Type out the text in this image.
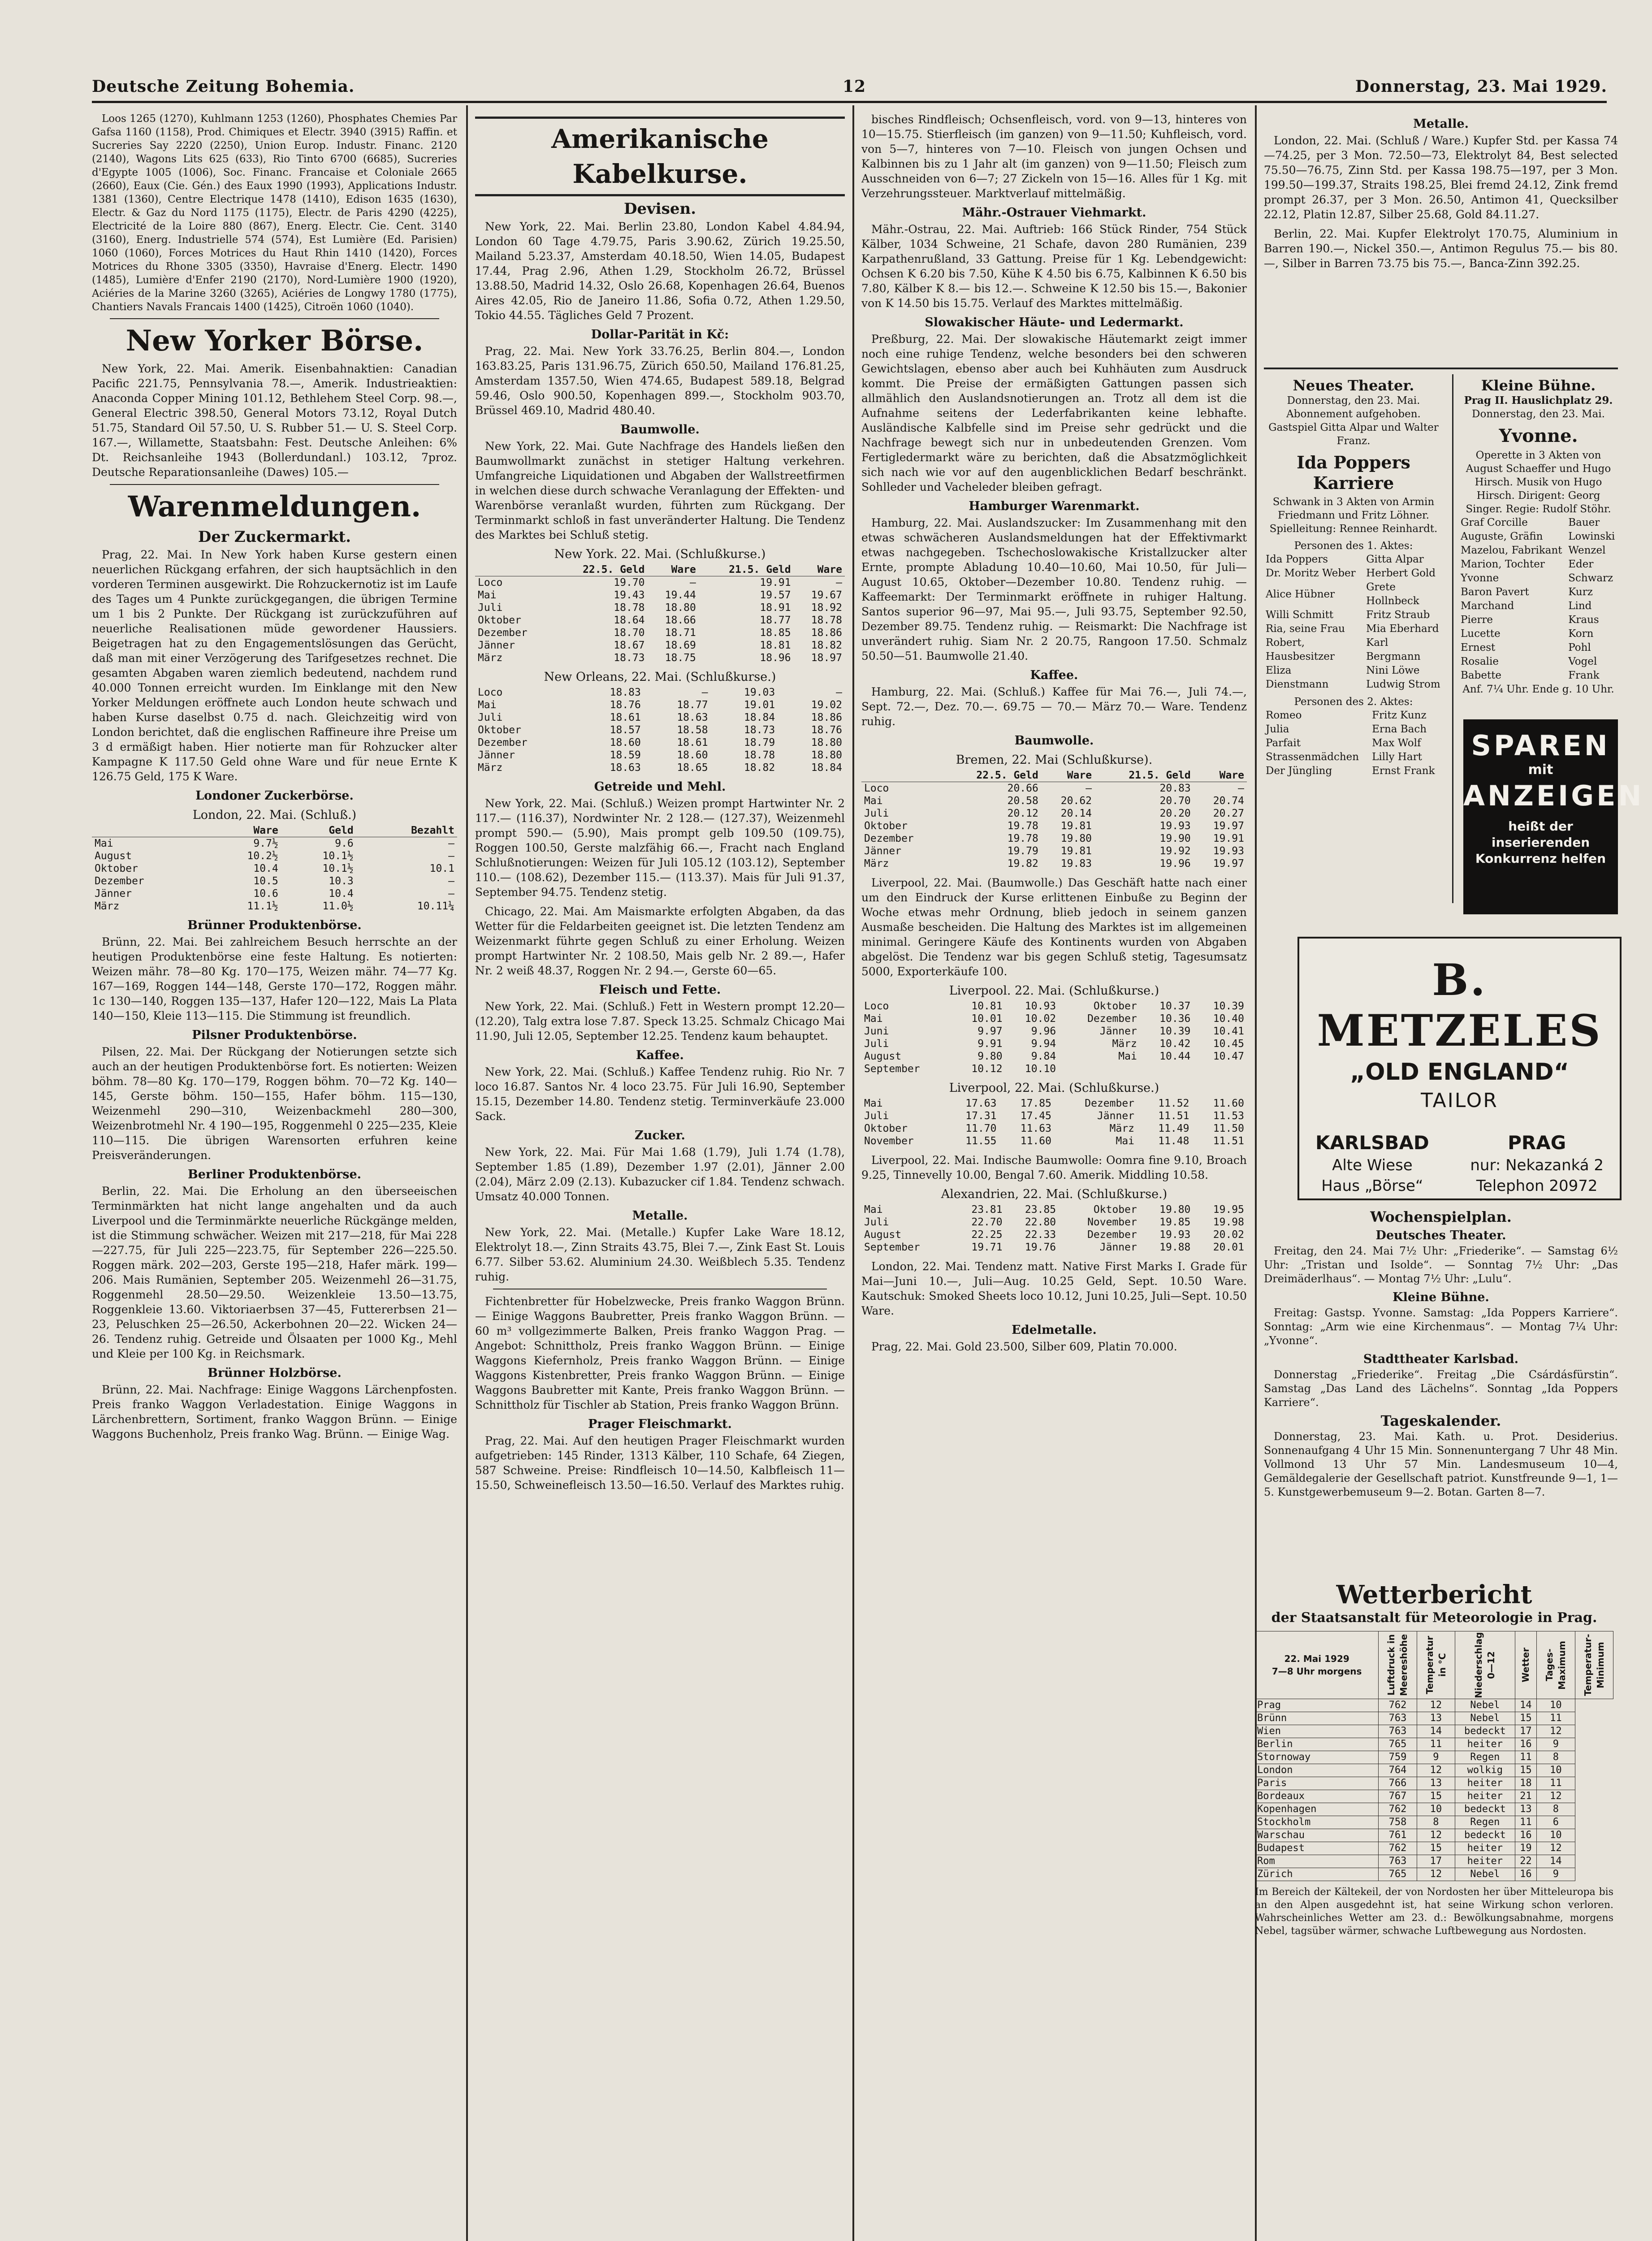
Deutsche Zeitung Bohemia.	12	Donnerstag, 23. Mai 1929.

Loos 1265 (1270), Kuhlmann 1253 (1260), Phosphates Chemies Par Gafsa 1160 (1158), Prod. Chimiques et Electr. 3940 (3915) Raffin. et Sucreries Say 2220 (2250), Union Europ. Industr. Financ. 2120 (2140), Wagons Lits 625 (633), Rio Tinto 6700 (6685), Sucreries d'Egypte 1005 (1006), Soc. Financ. Francaise et Coloniale 2665 (2660), Eaux (Cie. Gén.) des Eaux 1990 (1993), Applications Industr. 1381 (1360), Centre Electrique 1478 (1410), Edison 1635 (1630), Electr. & Gaz du Nord 1175 (1175), Electr. de Paris 4290 (4225), Electricité de la Loire 880 (867), Energ. Electr. Cie. Cent. 3140 (3160), Energ. Industrielle 574 (574), Est Lumière (Ed. Parisien) 1060 (1060), Forces Motrices du Haut Rhin 1410 (1420), Forces Motrices du Rhone 3305 (3350), Havraise d'Energ. Electr. 1490 (1485), Lumière d'Enfer 2190 (2170), Nord-Lumière 1900 (1920), Aciéries de la Marine 3260 (3265), Aciéries de Longwy 1780 (1775), Chantiers Navals Francais 1400 (1425), Citroën 1060 (1040).

New Yorker Börse.

New York, 22. Mai. Amerik. Eisenbahnaktien: Canadian Pacific 221.75, Pennsylvania 78.—, Amerik. Industrieaktien: Anaconda Copper Mining 101.12, Bethlehem Steel Corp. 98.—, General Electric 398.50, General Motors 73.12, Royal Dutch 51.75, Standard Oil 57.50, U. S. Rubber 51.— U. S. Steel Corp. 167.—, Willamette, Staatsbahn: Fest. Deutsche Anleihen: 6% Dt. Reichsanleihe 1943 (Bollerdundanl.) 103.12, 7proz. Deutsche Reparationsanleihe (Dawes) 105.—

Warenmeldungen.
Der Zuckermarkt.

Prag, 22. Mai. In New York haben Kurse gestern einen neuerlichen Rückgang erfahren, der sich hauptsächlich in den vorderen Terminen ausgewirkt. Die Rohzuckernotiz ist im Laufe des Tages um 4 Punkte zurückgegangen, die übrigen Termine um 1 bis 2 Punkte. Der Rückgang ist zurückzuführen auf neuerliche Realisationen müde gewordener Haussiers. Beigetragen hat zu den Engagementslösungen das Gerücht, daß man mit einer Verzögerung des Tarifgesetzes rechnet. Die gesamten Abgaben waren ziemlich bedeutend, nachdem rund 40.000 Tonnen erreicht wurden. Im Einklange mit den New Yorker Meldungen eröffnete auch London heute schwach und haben Kurse daselbst 0.75 d. nach. Gleichzeitig wird von London berichtet, daß die englischen Raffineure ihre Preise um 3 d ermäßigt haben. Hier notierte man für Rohzucker alter Kampagne K 117.50 Geld ohne Ware und für neue Ernte K 126.75 Geld, 175 K Ware.

Londoner Zuckerbörse.
London, 22. Mai. (Schluß.)
	Ware	Geld	Bezahlt
Mai	9.7½	9.6	—
August	10.2½	10.1½	—
Oktober	10.4	10.1½	10.1
Dezember	10.5	10.3	—
Jänner	10.6	10.4	—
März	11.1½	11.0½	10.11¼
Brünner Produktenbörse.

Brünn, 22. Mai. Bei zahlreichem Besuch herrschte an der heutigen Produktenbörse eine feste Haltung. Es notierten: Weizen mähr. 78—80 Kg. 170—175, Weizen mähr. 74—77 Kg. 167—169, Roggen 144—148, Gerste 170—172, Roggen mähr. 1c 130—140, Roggen 135—137, Hafer 120—122, Mais La Plata 140—150, Kleie 113—115. Die Stimmung ist freundlich.

Pilsner Produktenbörse.

Pilsen, 22. Mai. Der Rückgang der Notierungen setzte sich auch an der heutigen Produktenbörse fort. Es notierten: Weizen böhm. 78—80 Kg. 170—179, Roggen böhm. 70—72 Kg. 140—145, Gerste böhm. 150—155, Hafer böhm. 115—130, Weizenmehl 290—310, Weizenbackmehl 280—300, Weizenbrotmehl Nr. 4 190—195, Roggenmehl 0 225—235, Kleie 110—115. Die übrigen Warensorten erfuhren keine Preisveränderungen.

Berliner Produktenbörse.

Berlin, 22. Mai. Die Erholung an den überseeischen Terminmärkten hat nicht lange angehalten und da auch Liverpool und die Terminmärkte neuerliche Rückgänge melden, ist die Stimmung schwächer. Weizen mit 217—218, für Mai 228—227.75, für Juli 225—223.75, für September 226—225.50. Roggen märk. 202—203, Gerste 195—218, Hafer märk. 199—206. Mais Rumänien, September 205. Weizenmehl 26—31.75, Roggenmehl 28.50—29.50. Weizenkleie 13.50—13.75, Roggenkleie 13.60. Viktoriaerbsen 37—45, Futtererbsen 21—23, Peluschken 25—26.50, Ackerbohnen 20—22. Wicken 24—26. Tendenz ruhig. Getreide und Ölsaaten per 1000 Kg., Mehl und Kleie per 100 Kg. in Reichsmark.

Brünner Holzbörse.

Brünn, 22. Mai. Nachfrage: Einige Waggons Lärchenpfosten. Preis franko Waggon Verladestation. Einige Waggons in Lärchenbrettern, Sortiment, franko Waggon Brünn. — Einige Waggons Buchenholz, Preis franko Wag. Brünn. — Einige Wag.

Amerikanische Kabelkurse.
Devisen.

New York, 22. Mai. Berlin 23.80, London Kabel 4.84.94, London 60 Tage 4.79.75, Paris 3.90.62, Zürich 19.25.50, Mailand 5.23.37, Amsterdam 40.18.50, Wien 14.05, Budapest 17.44, Prag 2.96, Athen 1.29, Stockholm 26.72, Brüssel 13.88.50, Madrid 14.32, Oslo 26.68, Kopenhagen 26.64, Buenos Aires 42.05, Rio de Janeiro 11.86, Sofia 0.72, Athen 1.29.50, Tokio 44.55. Tägliches Geld 7 Prozent.

Dollar-Parität in Kč:

Prag, 22. Mai. New York 33.76.25, Berlin 804.—, London 163.83.25, Paris 131.96.75, Zürich 650.50, Mailand 176.81.25, Amsterdam 1357.50, Wien 474.65, Budapest 589.18, Belgrad 59.46, Oslo 900.50, Kopenhagen 899.—, Stockholm 903.70, Brüssel 469.10, Madrid 480.40.

Baumwolle.

New York, 22. Mai. Gute Nachfrage des Handels ließen den Baumwollmarkt zunächst in stetiger Haltung verkehren. Umfangreiche Liquidationen und Abgaben der Wallstreetfirmen in welchen diese durch schwache Veranlagung der Effekten- und Warenbörse veranlaßt wurden, führten zum Rückgang. Der Terminmarkt schloß in fast unveränderter Haltung. Die Tendenz des Marktes bei Schluß stetig.

New York. 22. Mai. (Schlußkurse.)
	22.5. Geld	Ware	21.5. Geld	Ware
Loco	19.70	—	19.91	—
Mai	19.43	19.44	19.57	19.67
Juli	18.78	18.80	18.91	18.92
Oktober	18.64	18.66	18.77	18.78
Dezember	18.70	18.71	18.85	18.86
Jänner	18.67	18.69	18.81	18.82
März	18.73	18.75	18.96	18.97
New Orleans, 22. Mai. (Schlußkurse.)
Loco	18.83	—	19.03	—
Mai	18.76	18.77	19.01	19.02
Juli	18.61	18.63	18.84	18.86
Oktober	18.57	18.58	18.73	18.76
Dezember	18.60	18.61	18.79	18.80
Jänner	18.59	18.60	18.78	18.80
März	18.63	18.65	18.82	18.84
Getreide und Mehl.

New York, 22. Mai. (Schluß.) Weizen prompt Hartwinter Nr. 2 117.— (116.37), Nordwinter Nr. 2 128.— (127.37), Weizenmehl prompt 590.— (5.90), Mais prompt gelb 109.50 (109.75), Roggen 100.50, Gerste malzfähig 66.—, Fracht nach England Schlußnotierungen: Weizen für Juli 105.12 (103.12), September 110.— (108.62), Dezember 115.— (113.37). Mais für Juli 91.37, September 94.75. Tendenz stetig.

Chicago, 22. Mai. Am Maismarkte erfolgten Abgaben, da das Wetter für die Feldarbeiten geeignet ist. Die letzten Tendenz am Weizenmarkt führte gegen Schluß zu einer Erholung. Weizen prompt Hartwinter Nr. 2 108.50, Mais gelb Nr. 2 89.—, Hafer Nr. 2 weiß 48.37, Roggen Nr. 2 94.—, Gerste 60—65.

Fleisch und Fette.

New York, 22. Mai. (Schluß.) Fett in Western prompt 12.20— (12.20), Talg extra lose 7.87. Speck 13.25. Schmalz Chicago Mai 11.90, Juli 12.05, September 12.25. Tendenz kaum behauptet.

Kaffee.

New York, 22. Mai. (Schluß.) Kaffee Tendenz ruhig. Rio Nr. 7 loco 16.87. Santos Nr. 4 loco 23.75. Für Juli 16.90, September 15.15, Dezember 14.80. Tendenz stetig. Terminverkäufe 23.000 Sack.

Zucker.

New York, 22. Mai. Für Mai 1.68 (1.79), Juli 1.74 (1.78), September 1.85 (1.89), Dezember 1.97 (2.01), Jänner 2.00 (2.04), März 2.09 (2.13). Kubazucker cif 1.84. Tendenz schwach. Umsatz 40.000 Tonnen.

Metalle.

New York, 22. Mai. (Metalle.) Kupfer Lake Ware 18.12, Elektrolyt 18.—, Zinn Straits 43.75, Blei 7.—, Zink East St. Louis 6.77. Silber 53.62. Aluminium 24.30. Weißblech 5.35. Tendenz ruhig.

Fichtenbretter für Hobelzwecke, Preis franko Waggon Brünn. — Einige Waggons Baubretter, Preis franko Waggon Brünn. — 60 m³ vollgezimmerte Balken, Preis franko Waggon Prag. — Angebot: Schnittholz, Preis franko Waggon Brünn. — Einige Waggons Kiefernholz, Preis franko Waggon Brünn. — Einige Waggons Kistenbretter, Preis franko Waggon Brünn. — Einige Waggons Baubretter mit Kante, Preis franko Waggon Brünn. — Schnittholz für Tischler ab Station, Preis franko Waggon Brünn.

Prager Fleischmarkt.

Prag, 22. Mai. Auf den heutigen Prager Fleischmarkt wurden aufgetrieben: 145 Rinder, 1313 Kälber, 110 Schafe, 64 Ziegen, 587 Schweine. Preise: Rindfleisch 10—14.50, Kalbfleisch 11—15.50, Schweinefleisch 13.50—16.50. Verlauf des Marktes ruhig.

bisches Rindfleisch; Ochsenfleisch, vord. von 9—13, hinteres von 10—15.75. Stierfleisch (im ganzen) von 9—11.50; Kuhfleisch, vord. von 5—7, hinteres von 7—10. Fleisch von jungen Ochsen und Kalbinnen bis zu 1 Jahr alt (im ganzen) von 9—11.50; Fleisch zum Ausschneiden von 6—7; 27 Zickeln von 15—16. Alles für 1 Kg. mit Verzehrungssteuer. Marktverlauf mittelmäßig.

Mähr.-Ostrauer Viehmarkt.

Mähr.-Ostrau, 22. Mai. Auftrieb: 166 Stück Rinder, 754 Stück Kälber, 1034 Schweine, 21 Schafe, davon 280 Rumänien, 239 Karpathenrußland, 33 Gattung. Preise für 1 Kg. Lebendgewicht: Ochsen K 6.20 bis 7.50, Kühe K 4.50 bis 6.75, Kalbinnen K 6.50 bis 7.80, Kälber K 8.— bis 12.—. Schweine K 12.50 bis 15.—, Bakonier von K 14.50 bis 15.75. Verlauf des Marktes mittelmäßig.

Slowakischer Häute- und Ledermarkt.

Preßburg, 22. Mai. Der slowakische Häutemarkt zeigt immer noch eine ruhige Tendenz, welche besonders bei den schweren Gewichtslagen, ebenso aber auch bei Kuhhäuten zum Ausdruck kommt. Die Preise der ermäßigten Gattungen passen sich allmählich den Auslandsnotierungen an. Trotz all dem ist die Aufnahme seitens der Lederfabrikanten keine lebhafte. Ausländische Kalbfelle sind im Preise sehr gedrückt und die Nachfrage bewegt sich nur in unbedeutenden Grenzen. Vom Fertigledermarkt wäre zu berichten, daß die Absatzmöglichkeit sich nach wie vor auf den augenblicklichen Bedarf beschränkt. Sohlleder und Vacheleder bleiben gefragt.

Hamburger Warenmarkt.

Hamburg, 22. Mai. Auslandszucker: Im Zusammenhang mit den etwas schwächeren Auslandsmeldungen hat der Effektivmarkt etwas nachgegeben. Tschechoslowakische Kristallzucker alter Ernte, prompte Abladung 10.40—10.60, Mai 10.50, für Juli—August 10.65, Oktober—Dezember 10.80. Tendenz ruhig. — Kaffeemarkt: Der Terminmarkt eröffnete in ruhiger Haltung. Santos superior 96—97, Mai 95.—, Juli 93.75, September 92.50, Dezember 89.75. Tendenz ruhig. — Reismarkt: Die Nachfrage ist unverändert ruhig. Siam Nr. 2 20.75, Rangoon 17.50. Schmalz 50.50—51. Baumwolle 21.40.

Kaffee.

Hamburg, 22. Mai. (Schluß.) Kaffee für Mai 76.—, Juli 74.—, Sept. 72.—, Dez. 70.—. 69.75 — 70.— März 70.— Ware. Tendenz ruhig.

Baumwolle.
Bremen, 22. Mai (Schlußkurse).
	22.5. Geld	Ware	21.5. Geld	Ware
Loco	20.66	—	20.83	—
Mai	20.58	20.62	20.70	20.74
Juli	20.12	20.14	20.20	20.27
Oktober	19.78	19.81	19.93	19.97
Dezember	19.78	19.80	19.90	19.91
Jänner	19.79	19.81	19.92	19.93
März	19.82	19.83	19.96	19.97

Liverpool, 22. Mai. (Baumwolle.) Das Geschäft hatte nach einer um den Eindruck der Kurse erlittenen Einbuße zu Beginn der Woche etwas mehr Ordnung, blieb jedoch in seinem ganzen Ausmaße bescheiden. Die Haltung des Marktes ist im allgemeinen minimal. Geringere Käufe des Kontinents wurden von Abgaben abgelöst. Die Tendenz war bis gegen Schluß stetig, Tagesumsatz 5000, Exporterkäufe 100.

Liverpool. 22. Mai. (Schlußkurse.)
Loco	10.81	10.93	Oktober	10.37	10.39
Mai	10.01	10.02	Dezember	10.36	10.40
Juni	9.97	9.96	Jänner	10.39	10.41
Juli	9.91	9.94	März	10.42	10.45
August	9.80	9.84	Mai	10.44	10.47
September	10.12	10.10			
Liverpool, 22. Mai. (Schlußkurse.)
Mai	17.63	17.85	Dezember	11.52	11.60
Juli	17.31	17.45	Jänner	11.51	11.53
Oktober	11.70	11.63	März	11.49	11.50
November	11.55	11.60	Mai	11.48	11.51

Liverpool, 22. Mai. Indische Baumwolle: Oomra fine 9.10, Broach 9.25, Tinnevelly 10.00, Bengal 7.60. Amerik. Middling 10.58.

Alexandrien, 22. Mai. (Schlußkurse.)
Mai	23.81	23.85	Oktober	19.80	19.95
Juli	22.70	22.80	November	19.85	19.98
August	22.25	22.33	Dezember	19.93	20.02
September	19.71	19.76	Jänner	19.88	20.01

London, 22. Mai. Tendenz matt. Native First Marks I. Grade für Mai—Juni 10.—, Juli—Aug. 10.25 Geld, Sept. 10.50 Ware. Kautschuk: Smoked Sheets loco 10.12, Juni 10.25, Juli—Sept. 10.50 Ware.

Edelmetalle.

Prag, 22. Mai. Gold 23.500, Silber 609, Platin 70.000.

Metalle.

London, 22. Mai. (Schluß / Ware.) Kupfer Std. per Kassa 74—74.25, per 3 Mon. 72.50—73, Elektrolyt 84, Best selected 75.50—76.75, Zinn Std. per Kassa 198.75—197, per 3 Mon. 199.50—199.37, Straits 198.25, Blei fremd 24.12, Zink fremd prompt 26.37, per 3 Mon. 26.50, Antimon 41, Quecksilber 22.12, Platin 12.87, Silber 25.68, Gold 84.11.27.

Berlin, 22. Mai. Kupfer Elektrolyt 170.75, Aluminium in Barren 190.—, Nickel 350.—, Antimon Regulus 75.— bis 80.—, Silber in Barren 73.75 bis 75.—, Banca-Zinn 392.25.

Neues Theater.
Donnerstag, den 23. Mai.
Abonnement aufgehoben. Gastspiel Gitta Alpar und Walter Franz.
Ida Poppers Karriere
Schwank in 3 Akten von Armin Friedmann und Fritz Löhner. Spielleitung: Rennee Reinhardt.
Personen des 1. Aktes:
Ida Poppers	Gitta Alpar
Dr. Moritz Weber	Herbert Gold
Alice Hübner	Grete Hollnbeck
Willi Schmitt	Fritz Straub
Ria, seine Frau	Mia Eberhard
Robert, Hausbesitzer	Karl Bergmann
Eliza	Nini Löwe
Dienstmann	Ludwig Strom
Personen des 2. Aktes:
Romeo	Fritz Kunz
Julia	Erna Bach
Parfait	Max Wolf
Strassenmädchen	Lilly Hart
Der Jüngling	Ernst Frank
Kleine Bühne.
Prag II. Hauslichplatz 29.
Donnerstag, den 23. Mai.
Yvonne.
Operette in 3 Akten von August Schaeffer und Hugo Hirsch. Musik von Hugo Hirsch. Dirigent: Georg Singer. Regie: Rudolf Stöhr.
Graf Corcille	Bauer
Auguste, Gräfin	Lowinski
Mazelou, Fabrikant	Wenzel
Marion, Tochter	Eder
Yvonne	Schwarz
Baron Pavert	Kurz
Marchand	Lind
Pierre	Kraus
Lucette	Korn
Ernest	Pohl
Rosalie	Vogel
Babette	Frank
Anf. 7¼ Uhr. Ende g. 10 Uhr.
SPAREN
mit
ANZEIGEN
heißt der inserierenden Konkurrenz helfen
B. METZELES
„OLD ENGLAND“
TAILOR
KARLSBAD
Alte Wiese
Haus „Börse“
PRAG
nur: Nekazanká 2
Telephon 20972
Wochenspielplan.
Deutsches Theater.

Freitag, den 24. Mai 7½ Uhr: „Friederike“. — Samstag 6½ Uhr: „Tristan und Isolde“. — Sonntag 7½ Uhr: „Das Dreimäderlhaus“. — Montag 7½ Uhr: „Lulu“.

Kleine Bühne.

Freitag: Gastsp. Yvonne. Samstag: „Ida Poppers Karriere“. Sonntag: „Arm wie eine Kirchenmaus“. — Montag 7¼ Uhr: „Yvonne“.

Stadttheater Karlsbad.

Donnerstag „Friederike“. Freitag „Die Csárdásfürstin“. Samstag „Das Land des Lächelns“. Sonntag „Ida Poppers Karriere“.

Tageskalender.

Donnerstag, 23. Mai. Kath. u. Prot. Desiderius. Sonnenaufgang 4 Uhr 15 Min. Sonnenuntergang 7 Uhr 48 Min. Vollmond 13 Uhr 57 Min. Landesmuseum 10—4, Gemäldegalerie der Gesellschaft patriot. Kunstfreunde 9—1, 1—5. Kunstgewerbemuseum 9—2. Botan. Garten 8—7.

Wetterbericht
der Staatsanstalt für Meteorologie in Prag.
22. Mai 1929
7—8 Uhr morgens	Luftdruck in Meereshöhe	Temperatur in °C	Niederschlag 0—12	Wetter	Tages-Maximum	Temperatur-Minimum

Prag	762	12	Nebel	14	10	
Brünn	763	13	Nebel	15	11	
Wien	763	14	bedeckt	17	12	
Berlin	765	11	heiter	16	9	
Stornoway	759	9	Regen	11	8	
London	764	12	wolkig	15	10	
Paris	766	13	heiter	18	11	
Bordeaux	767	15	heiter	21	12	
Kopenhagen	762	10	bedeckt	13	8	
Stockholm	758	8	Regen	11	6	
Warschau	761	12	bedeckt	16	10	
Budapest	762	15	heiter	19	12	
Rom	763	17	heiter	22	14	
Zürich	765	12	Nebel	16	9	

Im Bereich der Kältekeil, der von Nordosten her über Mitteleuropa bis an den Alpen ausgedehnt ist, hat seine Wirkung schon verloren. Wahrscheinliches Wetter am 23. d.: Bewölkungsabnahme, morgens Nebel, tagsüber wärmer, schwache Luftbewegung aus Nordosten.
